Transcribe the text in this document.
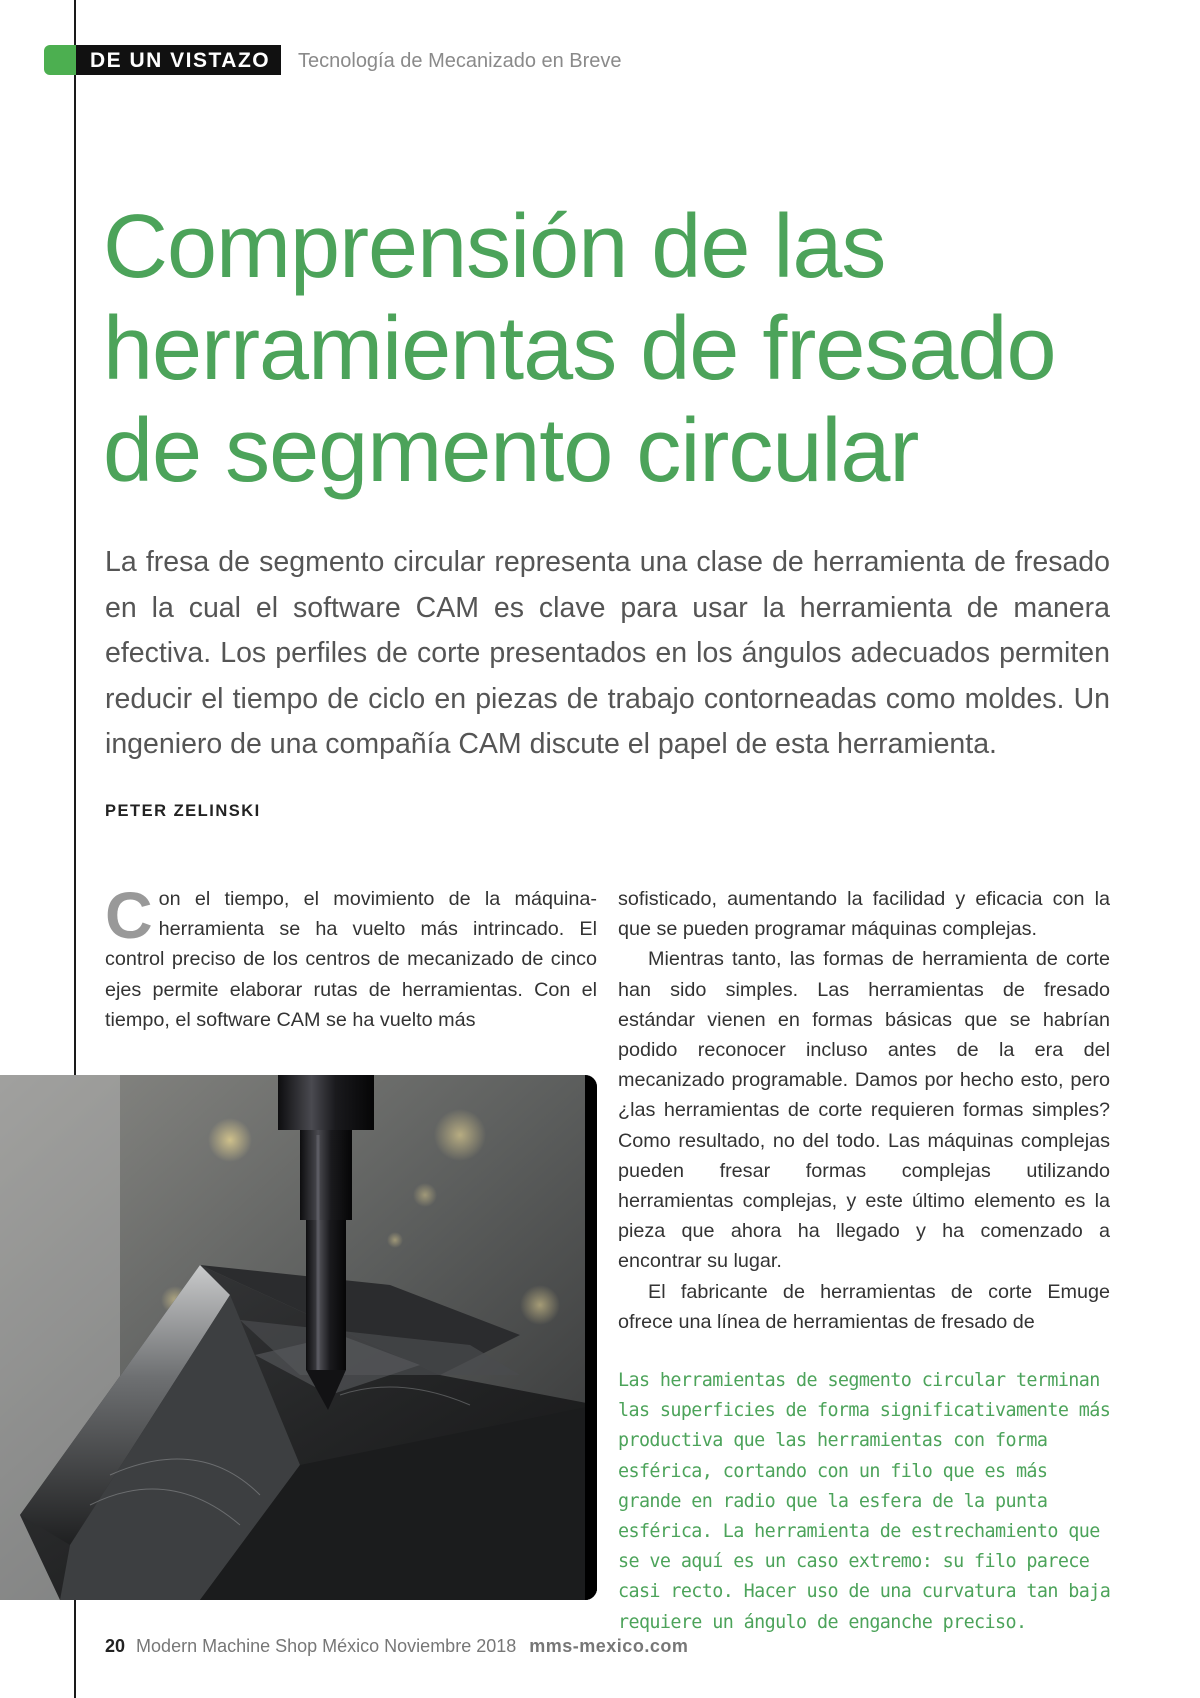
DE UN VISTAZO Tecnología de Mecanizado en Breve
Comprensión de las herramientas de fresado de segmento circular

La fresa de segmento circular representa una clase de herramienta de fresado en la cual el software CAM es clave para usar la herramienta de manera efectiva. Los perfiles de corte presentados en los ángulos adecuados permiten reducir el tiempo de ciclo en piezas de trabajo contorneadas como moldes. Un ingeniero de una compañía CAM discute el papel de esta herramienta.

PETER ZELINSKI

Con el tiempo, el movimiento de la máquina-herramienta se ha vuelto más intrincado. El control preciso de los centros de mecanizado de cinco ejes permite elaborar rutas de herramientas. Con el tiempo, el software CAM se ha vuelto más

sofisticado, aumentando la facilidad y eficacia con la que se pueden programar máquinas complejas.

Mientras tanto, las formas de herramienta de corte han sido simples. Las herramientas de fresado estándar vienen en formas básicas que se habrían podido reconocer incluso antes de la era del mecanizado programable. Damos por hecho esto, pero ¿las herramientas de corte requieren formas simples? Como resultado, no del todo. Las máquinas complejas pueden fresar formas complejas utilizando herramientas complejas, y este último elemento es la pieza que ahora ha llegado y ha comenzado a encontrar su lugar.

El fabricante de herramientas de corte Emuge ofrece una línea de herramientas de fresado de

Las herramientas de segmento circular terminan las superficies de forma significativamente más productiva que las herramientas con forma esférica, cortando con un filo que es más grande en radio que la esfera de la punta esférica. La herramienta de estrechamiento que se ve aquí es un caso extremo: su filo parece casi recto. Hacer uso de una curvatura tan baja requiere un ángulo de enganche preciso.

20 Modern Machine Shop México Noviembre 2018 mms-mexico.com
